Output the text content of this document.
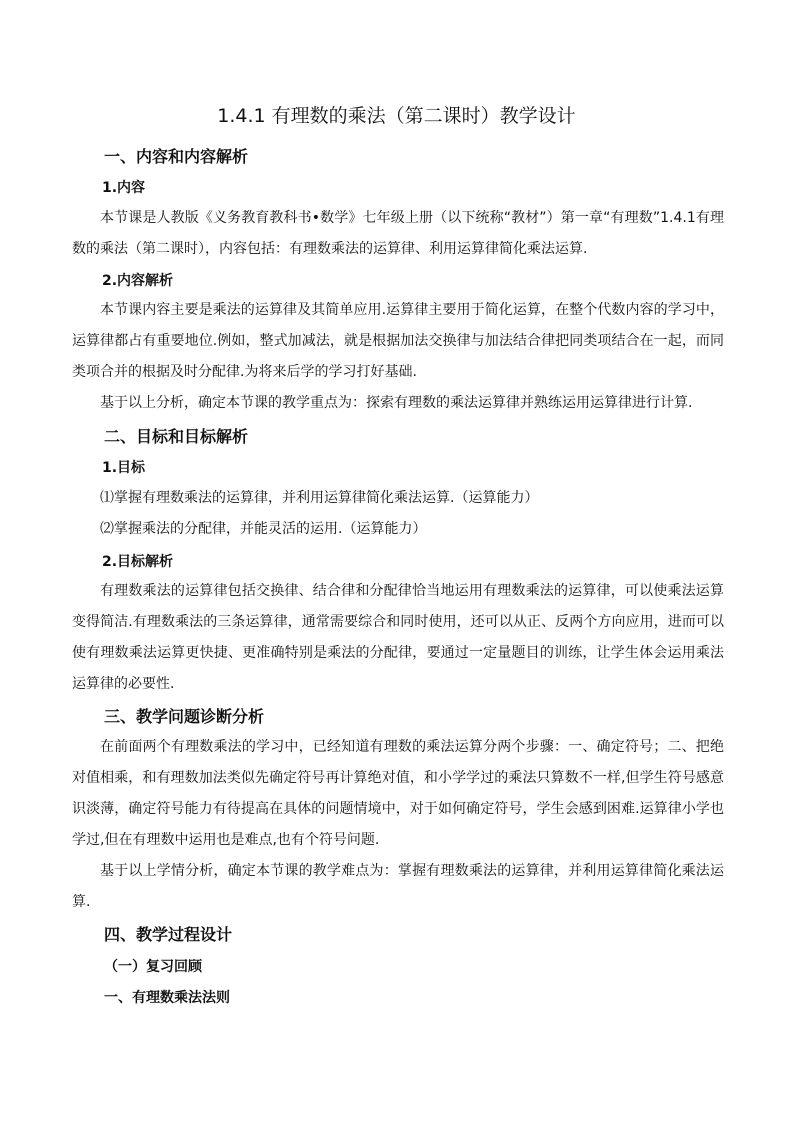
1.4.1 有理数的乘法（第二课时）教学设计
一、内容和内容解析
1.内容
本节课是人教版《义务教育教科书•数学》七年级上册（以下统称“教材”）第一章“有理数”1.4.1有理数的乘法（第二课时），内容包括：有理数乘法的运算律、利用运算律简化乘法运算.
2.内容解析
本节课内容主要是乘法的运算律及其简单应用.运算律主要用于简化运算，在整个代数内容的学习中，运算律都占有重要地位.例如，整式加减法，就是根据加法交换律与加法结合律把同类项结合在一起，而同类项合并的根据及时分配律.为将来后学的学习打好基础.
基于以上分析，确定本节课的教学重点为：探索有理数的乘法运算律并熟练运用运算律进行计算.
二、目标和目标解析
1.目标
⑴掌握有理数乘法的运算律，并利用运算律简化乘法运算.（运算能力）
⑵掌握乘法的分配律，并能灵活的运用.（运算能力）
2.目标解析
有理数乘法的运算律包括交换律、结合律和分配律恰当地运用有理数乘法的运算律，可以使乘法运算变得简洁.有理数乘法的三条运算律，通常需要综合和同时使用，还可以从正、反两个方向应用，进而可以使有理数乘法运算更快捷、更准确特别是乘法的分配律，要通过一定量题目的训练，让学生体会运用乘法运算律的必要性.
三、教学问题诊断分析
在前面两个有理数乘法的学习中，已经知道有理数的乘法运算分两个步骤：一、确定符号；二、把绝对值相乘，和有理数加法类似先确定符号再计算绝对值，和小学学过的乘法只算数不一样,但学生符号感意识淡薄，确定符号能力有待提高在具体的问题情境中，对于如何确定符号，学生会感到困难.运算律小学也学过,但在有理数中运用也是难点,也有个符号问题.
基于以上学情分析，确定本节课的教学难点为：掌握有理数乘法的运算律，并利用运算律简化乘法运算.
四、教学过程设计
（一）复习回顾
一、有理数乘法法则
